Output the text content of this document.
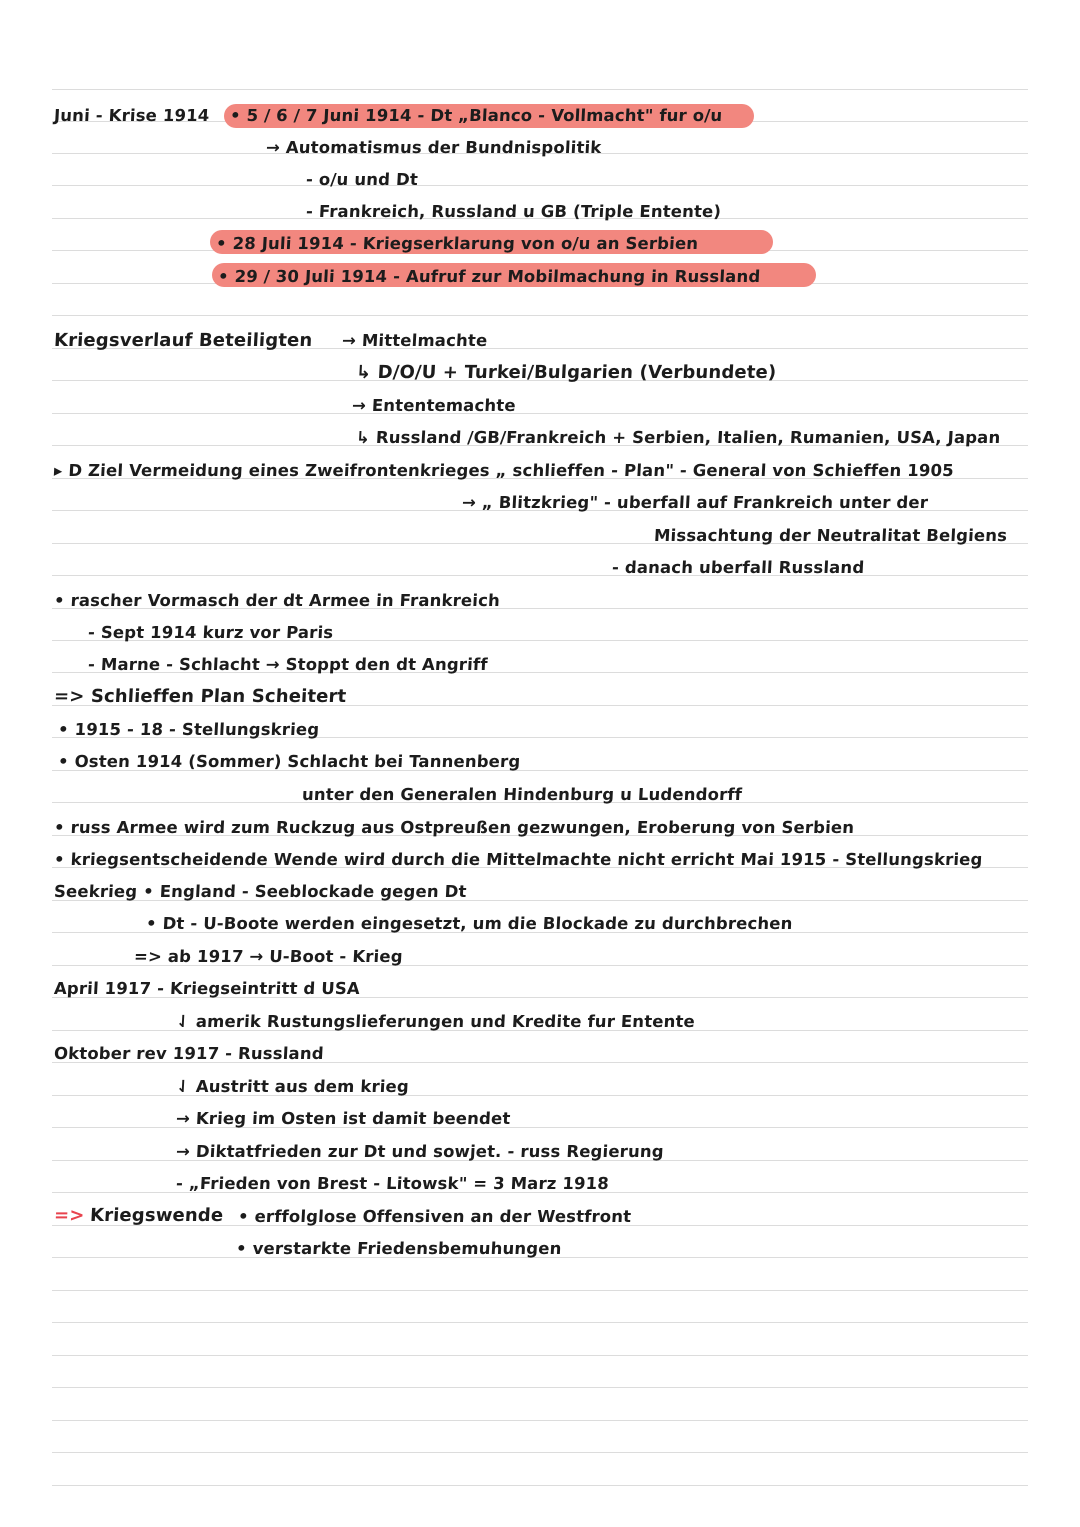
Juni - Krise 1914 • 5 / 6 / 7 Juni 1914 - Dt „Blanco - Vollmacht" fur o/u
→ Automatismus der Bundnispolitik
- o/u und Dt
- Frankreich, Russland u GB (Triple Entente)
• 28 Juli 1914 - Kriegserklarung von o/u an Serbien
• 29 / 30 Juli 1914 - Aufruf zur Mobilmachung in Russland
Kriegsverlauf Beteiligten → Mittelmachte
↳ D/O/U + Turkei/Bulgarien (Verbundete)
→ Ententemachte
↳ Russland /GB/Frankreich + Serbien, Italien, Rumanien, USA, Japan
▸ D Ziel Vermeidung eines Zweifrontenkrieges „ schlieffen - Plan" - General von Schieffen 1905
→ „ Blitzkrieg" - uberfall auf Frankreich unter der
Missachtung der Neutralitat Belgiens
- danach uberfall Russland
• rascher Vormasch der dt Armee in Frankreich
- Sept 1914 kurz vor Paris
- Marne - Schlacht → Stoppt den dt Angriff
=> Schlieffen Plan Scheitert
• 1915 - 18 - Stellungskrieg
• Osten 1914 (Sommer) Schlacht bei Tannenberg
unter den Generalen Hindenburg u Ludendorff
• russ Armee wird zum Ruckzug aus Ostpreußen gezwungen, Eroberung von Serbien
• kriegsentscheidende Wende wird durch die Mittelmachte nicht erricht Mai 1915 - Stellungskrieg
Seekrieg • England - Seeblockade gegen Dt
• Dt - U-Boote werden eingesetzt, um die Blockade zu durchbrechen
=> ab 1917 → U-Boot - Krieg
April 1917 - Kriegseintritt d USA
⇃ amerik Rustungslieferungen und Kredite fur Entente
Oktober rev 1917 - Russland
⇃ Austritt aus dem krieg
→ Krieg im Osten ist damit beendet
→ Diktatfrieden zur Dt und sowjet. - russ Regierung
- „Frieden von Brest - Litowsk" = 3 Marz 1918
=> Kriegswende • erffolglose Offensiven an der Westfront
• verstarkte Friedensbemuhungen
